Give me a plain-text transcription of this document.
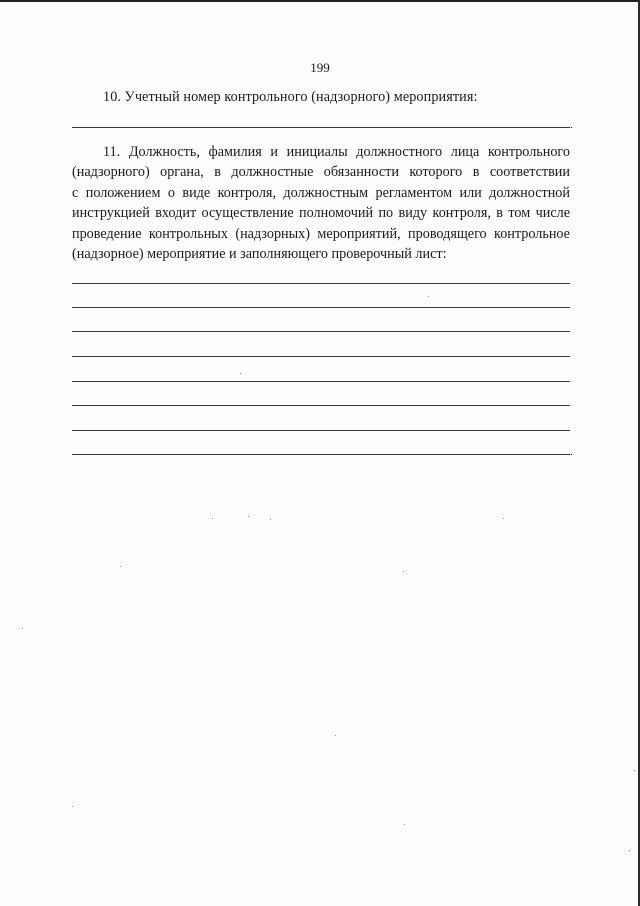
199
10. Учетный номер контрольного (надзорного) мероприятия:
.
11. Должность, фамилия и инициалы должностного лица контрольного
(надзорного) органа, в должностные обязанности которого в соответствии
с положением о виде контроля, должностным регламентом или должностной
инструкцией входит осуществление полномочий по виду контроля, в том числе
проведение контрольных (надзорных) мероприятий, проводящего контрольное
(надзорное) мероприятие и заполняющего проверочный лист:
.
